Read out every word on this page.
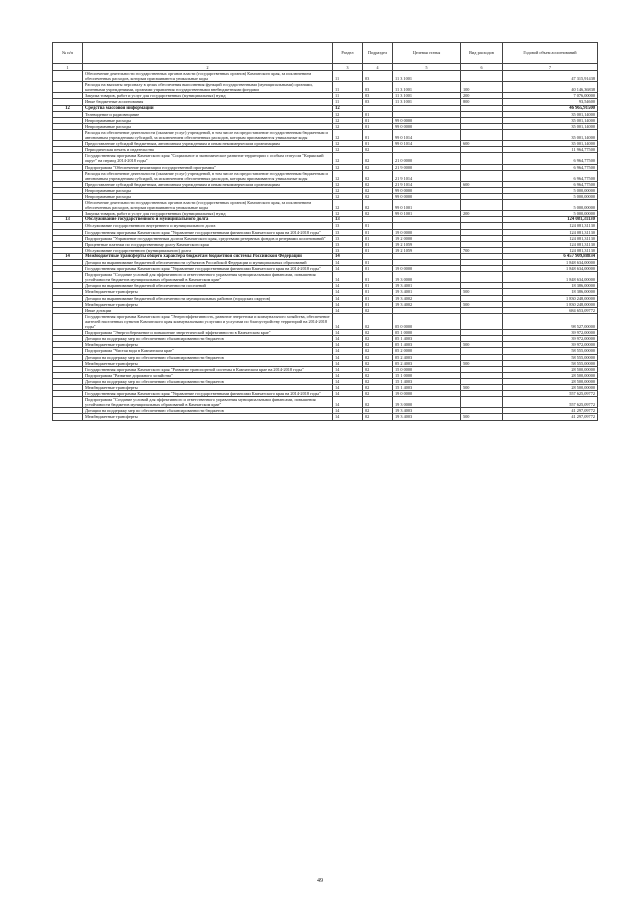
№ п/п		Раздел	Подраздел	Целевая статья	Вид расходов	Годовой объем ассигнований
1	2	3	4	5	6	7
	Обеспечение деятельности государственных органов власти (государственных органов) Камчатского края, за исключением обеспеченных расходов, которым присваиваются уникальные коды	11	03	11 3 1001		47 315,91438
	Расходы на выплаты персоналу в целях обеспечения выполнения функций государственными (муниципальными) органами, казенными учреждениями, органами управления государственными внебюджетными фондами	11	03	11 3 1001	100	40 146,36838
	Закупка товаров, работ и услуг для государственных (муниципальных) нужд	11	03	11 3 1001	200	7 076,00000
	Иные бюджетные ассигнования	11	03	11 3 1001	800	93,54600
12	Средства массовой информации	12				46 965,91500
	Телевидение и радиовещание	12	01			35 001,14000
	Непрограммные расходы	12	01	99 0 0000		35 001,14000
	Непрограммные расходы	12	01	99 0 0000		35 001,14000
	Расходы на обеспечение деятельности (оказание услуг) учреждений, в том числе на предоставление государственным бюджетным и автономным учреждениям субсидий, за исключением обеспеченных расходов, которым присваиваются уникальные коды	12	01	99 0 1014		35 001,14000
	Предоставление субсидий бюджетным, автономным учреждениям и иным некоммерческим организациям	12	01	99 0 1014	600	35 001,14000
	Периодическая печать и издательства	12	02			11 964,77500
	Государственная программа Камчатского края "Социальное и экономическое развитие территории с особым статусом "Корякский округ" на период 2014-2018 годы"	12	02	21 0 0000		6 964,77500
	Подпрограмма "Обеспечение реализации государственной программы"	12	02	21 9 0000		6 964,77500
	Расходы на обеспечение деятельности (оказание услуг) учреждений, в том числе на предоставление государственным бюджетным и автономным учреждениям субсидий, за исключением обеспеченных расходов, которым присваиваются уникальные коды	12	02	21 9 1014		6 964,77500
	Предоставление субсидий бюджетным, автономным учреждениям и иным некоммерческим организациям	12	02	21 9 1014	600	6 964,77500
	Непрограммные расходы	12	02	99 0 0000		5 000,00000
	Непрограммные расходы	12	02	99 0 0000		5 000,00000
	Обеспечение деятельности государственных органов власти (государственных органов) Камчатского края, за исключением обеспеченных расходов, которым присваиваются уникальные коды	12	02	99 0 1001		5 000,00000
	Закупка товаров, работ и услуг для государственных (муниципальных) нужд	12	02	99 0 1001	200	5 000,00000
13	Обслуживание государственного и муниципального долга	13				124 081,31130
	Обслуживание государственного внутреннего и муниципального долга	13	01			124 081,31130
	Государственная программа Камчатского края "Управление государственными финансами Камчатского края на 2014-2018 годы"	13	01	19 0 0000		124 081,31130
	Подпрограмма "Управление государственным долгом Камчатского края, средствами резервных фондов и резервами ассигнований"	13	01	19 2 0000		124 081,31130
	Процентные платежи по государственному долгу Камчатского края	13	01	19 2 1059		124 081,31130
	Обслуживание государственного (муниципального) долга	13	01	19 2 1059	700	124 081,31130
14	Межбюджетные трансферты общего характера бюджетам бюджетной системы Российской Федерации	14				6 457 909,88834
	Дотации на выравнивание бюджетной обеспеченности субъектов Российской Федерации и муниципальных образований	14	01			1 848 634,00000
	Государственная программа Камчатского края "Управление государственными финансами Камчатского края на 2014-2018 годы"	14	01	19 0 0000		1 848 634,00000
	Подпрограмма "Создание условий для эффективного и ответственного управления муниципальными финансами, повышения устойчивости бюджетов муниципальных образований в Камчатском крае"	14	01	19 3 0000		1 848 634,00000
	Дотации на выравнивание бюджетной обеспеченности поселений	14	01	19 3 4001		18 386,00000
	Межбюджетные трансферты	14	01	19 3 4001	500	18 386,00000
	Дотации на выравнивание бюджетной обеспеченности муниципальных районов (городских округов)	14	01	19 3 4002		1 830 248,00000
	Межбюджетные трансферты	14	01	19 3 4002	500	1 830 248,00000
	Иные дотации	14	02			684 653,09772
	Государственная программа Камчатского края "Энергоэффективность, развитие энергетики и коммунального хозяйства, обеспечение жителей населенных пунктов Камчатского края коммунальными услугами и услугами по благоустройству территорий на 2014-2018 годы"	14	02	05 0 0000		98 527,00000
	Подпрограмма "Энергосбережение и повышение энергетической эффективности в Камчатском крае"	14	02	05 1 0000		39 972,00000
	Дотации на поддержку мер по обеспечению сбалансированности бюджетов	14	02	05 1 4003		39 972,00000
	Межбюджетные трансферты	14	02	05 1 4003	500	39 972,00000
	Подпрограмма "Чистая вода в Камчатском крае"	14	02	05 2 0000		58 555,00000
	Дотации на поддержку мер по обеспечению сбалансированности бюджетов	14	02	05 2 4003		58 555,00000
	Межбюджетные трансферты	14	02	05 2 4003	500	58 555,00000
	Государственная программа Камчатского края "Развитие транспортной системы в Камчатском крае на 2014-2018 годы"	14	02	15 0 0000		28 500,00000
	Подпрограмма "Развитие дорожного хозяйства"	14	02	15 1 0000		28 500,00000
	Дотации на поддержку мер по обеспечению сбалансированности бюджетов	14	02	15 1 4003		28 500,00000
	Межбюджетные трансферты	14	02	15 1 4003	500	28 500,00000
	Государственная программа Камчатского края "Управление государственными финансами Камчатского края на 2014-2018 годы"	14	02	19 0 0000		557 625,09772
	Подпрограмма "Создание условий для эффективного и ответственного управления муниципальными финансами, повышения устойчивости бюджетов муниципальных образований в Камчатском крае"	14	02	19 3 0000		557 625,09772
	Дотации на поддержку мер по обеспечению сбалансированности бюджетов	14	02	19 3 4003		41 297,09772
	Межбюджетные трансферты	14	02	19 3 4003	500	41 297,09772
49
